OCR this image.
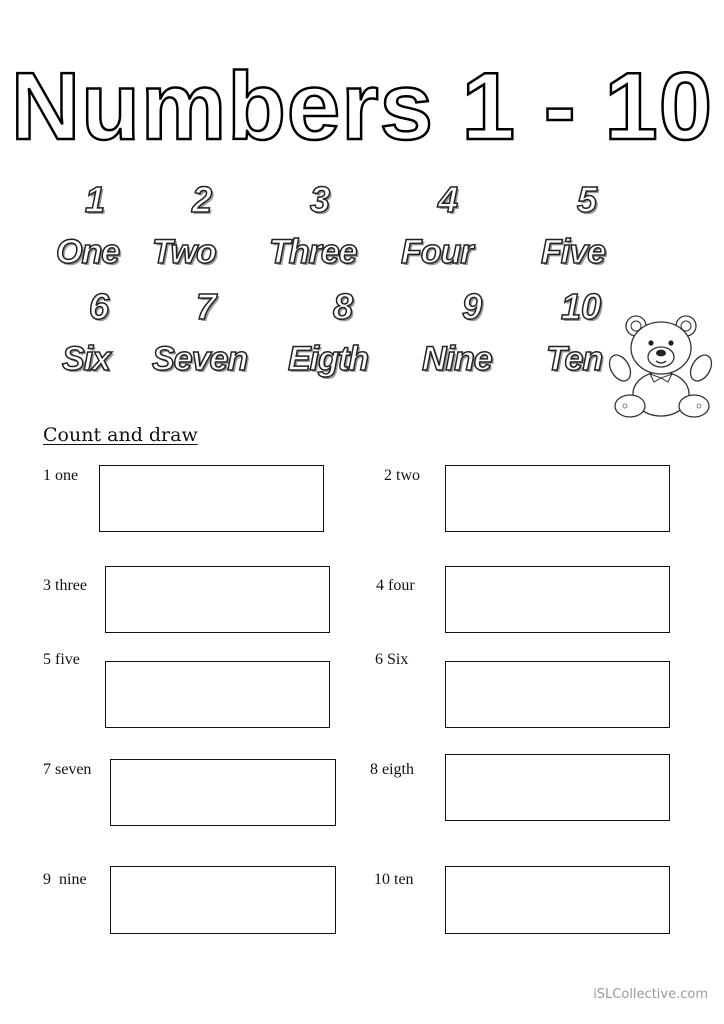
Numbers 1 - 10
1	2	3	4	5
One Two Three Four Five
6	7	8	9	10
Six Seven Eigth Nine Ten
Count and draw
1 one
3 three
5 five
7 seven
9  nine
2 two
4 four
6 Six
8 eigth
10 ten
iSLCollective.com
